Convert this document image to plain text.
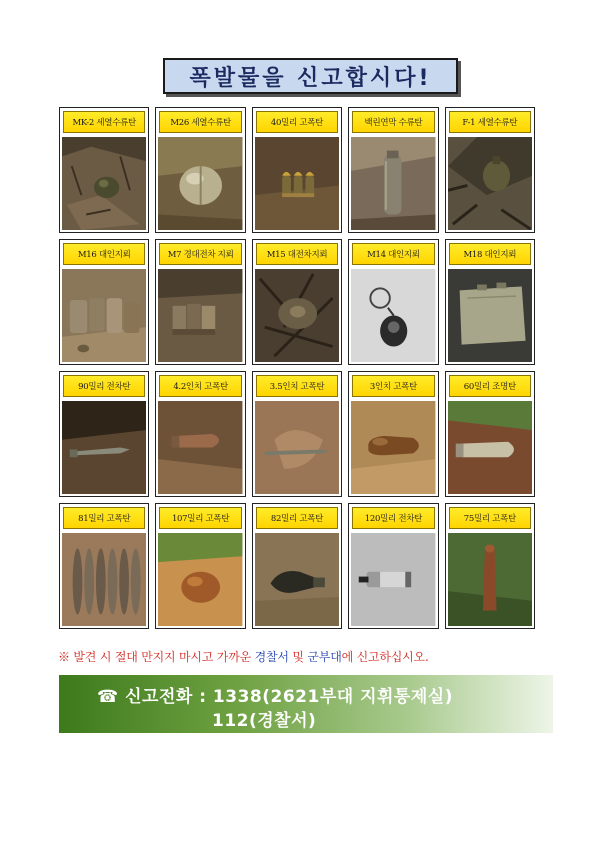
폭발물을 신고합시다!
MK-2 세열수류탄	M26 세열수류탄	40밀리 고폭탄	백린연막 수류탄	F-1 세열수류탄
M16 대인지뢰	M7 경대전차 지뢰	M15 대전차지뢰	M14 대인지뢰	M18 대인지뢰
90밀리 전차탄	4.2인치 고폭탄	3.5인치 고폭탄	3인치 고폭탄	60밀리 조명탄
81밀리 고폭탄	107밀리 고폭탄	82밀리 고폭탄	120밀리 전차탄	75밀리 고폭탄
※ 발견 시 절대 만지지 마시고 가까운 경찰서 및 군부대에 신고하십시오.
☎ 신고전화 : 1338(2621부대 지휘통제실)
112(경찰서)
